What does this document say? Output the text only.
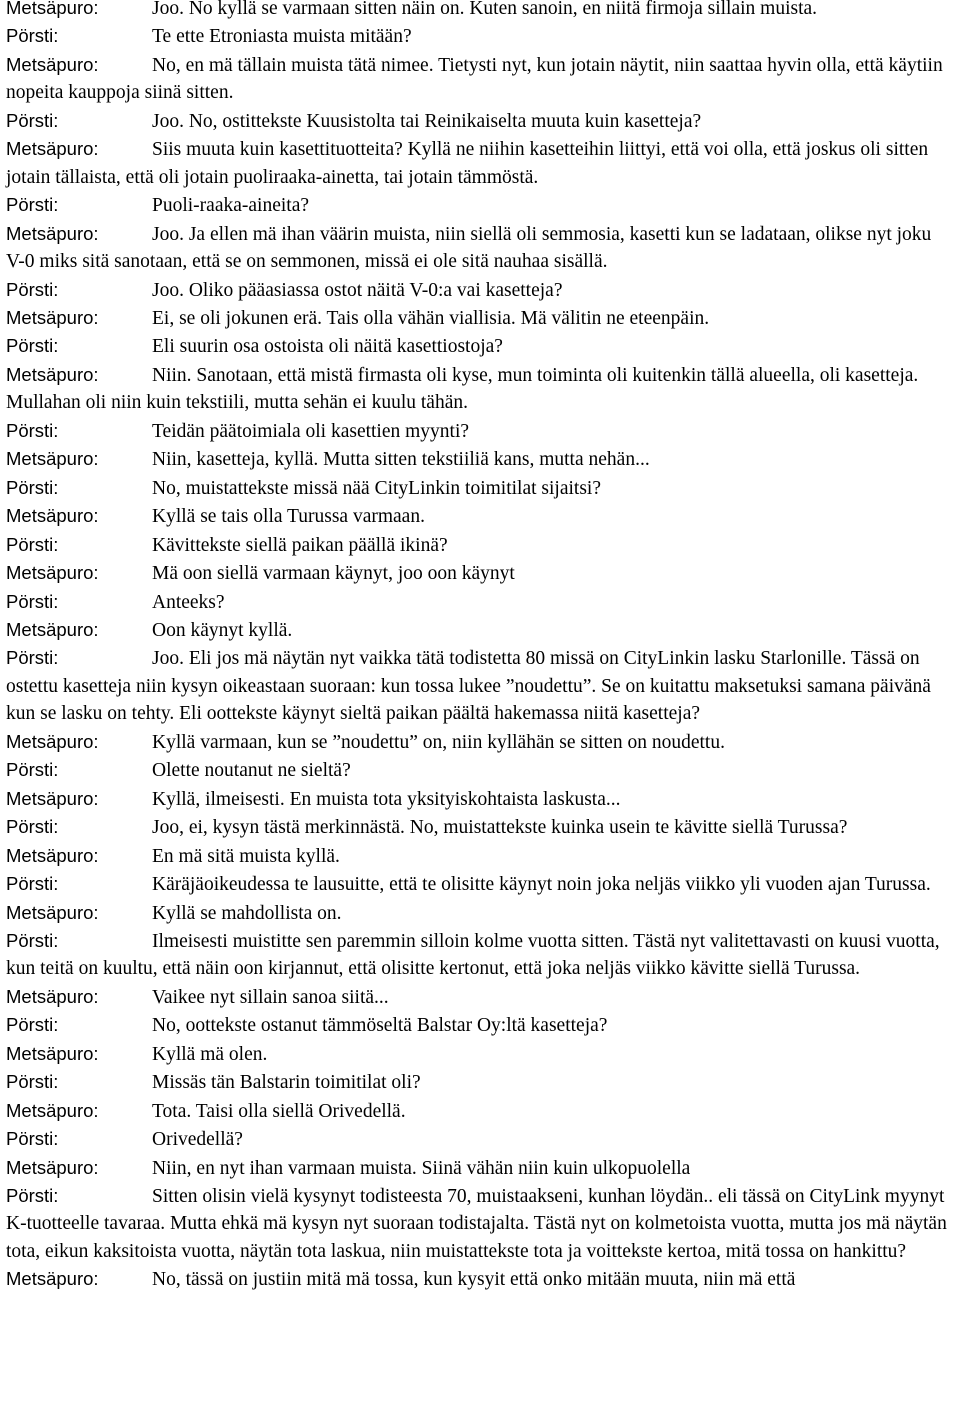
Metsäpuro:	Joo. No kyllä se varmaan sitten näin on. Kuten sanoin, en niitä firmoja sillain muista.

Pörsti:	Te ette Etroniasta muista mitään?

Metsäpuro:	No, en mä tällain muista tätä nimee. Tietysti nyt, kun jotain näytit, niin saattaa hyvin olla, että käytiin nopeita kauppoja siinä sitten.

Pörsti:	Joo. No, ostittekste Kuusistolta tai Reinikaiselta muuta kuin kasetteja?

Metsäpuro:	Siis muuta kuin kasettituotteita? Kyllä ne niihin kasetteihin liittyi, että voi olla, että joskus oli sitten jotain tällaista, että oli jotain puoliraaka-ainetta, tai jotain tämmöstä.

Pörsti:	Puoli-raaka-aineita?

Metsäpuro:	Joo. Ja ellen mä ihan väärin muista, niin siellä oli semmosia, kasetti kun se ladataan, olikse nyt joku V-0 miks sitä sanotaan, että se on semmonen, missä ei ole sitä nauhaa sisällä.

Pörsti:	Joo. Oliko pääasiassa ostot näitä V-0:a vai kasetteja?

Metsäpuro:	Ei, se oli jokunen erä. Tais olla vähän viallisia. Mä välitin ne eteenpäin.

Pörsti:	Eli suurin osa ostoista oli näitä kasettiostoja?

Metsäpuro:	Niin. Sanotaan, että mistä firmasta oli kyse, mun toiminta oli kuitenkin tällä alueella, oli kasetteja. Mullahan oli niin kuin tekstiili, mutta sehän ei kuulu tähän.

Pörsti:	Teidän päätoimiala oli kasettien myynti?

Metsäpuro:	Niin, kasetteja, kyllä. Mutta sitten tekstiiliä kans, mutta nehän...

Pörsti:	No, muistattekste missä nää CityLinkin toimitilat sijaitsi?

Metsäpuro:	Kyllä se tais olla Turussa varmaan.

Pörsti:	Kävittekste siellä paikan päällä ikinä?

Metsäpuro:	Mä oon siellä varmaan käynyt, joo oon käynyt

Pörsti:	Anteeks?

Metsäpuro:	Oon käynyt kyllä.

Pörsti:	Joo. Eli jos mä näytän nyt vaikka tätä todistetta 80 missä on CityLinkin lasku Starlonille. Tässä on ostettu kasetteja niin kysyn oikeastaan suoraan: kun tossa lukee ”noudettu”. Se on kuitattu maksetuksi samana päivänä kun se lasku on tehty. Eli oottekste käynyt sieltä paikan päältä hakemassa niitä kasetteja?

Metsäpuro:	Kyllä varmaan, kun se ”noudettu” on, niin kyllähän se sitten on noudettu.

Pörsti:	Olette noutanut ne sieltä?

Metsäpuro:	Kyllä, ilmeisesti. En muista tota yksityiskohtaista laskusta...

Pörsti:	Joo, ei, kysyn tästä merkinnästä. No, muistattekste kuinka usein te kävitte siellä Turussa?

Metsäpuro:	En mä sitä muista kyllä.

Pörsti:	Käräjäoikeudessa te lausuitte, että te olisitte käynyt noin joka neljäs viikko yli vuoden ajan Turussa.

Metsäpuro:	Kyllä se mahdollista on.

Pörsti:	Ilmeisesti muistitte sen paremmin silloin kolme vuotta sitten. Tästä nyt valitettavasti on kuusi vuotta, kun teitä on kuultu, että näin oon kirjannut, että olisitte kertonut, että joka neljäs viikko kävitte siellä Turussa.

Metsäpuro:	Vaikee nyt sillain sanoa siitä...

Pörsti:	No, oottekste ostanut tämmöseltä Balstar Oy:ltä kasetteja?

Metsäpuro:	Kyllä mä olen.

Pörsti:	Missäs tän Balstarin toimitilat oli?

Metsäpuro:	Tota. Taisi olla siellä Orivedellä.

Pörsti:	Orivedellä?

Metsäpuro:	Niin, en nyt ihan varmaan muista. Siinä vähän niin kuin ulkopuolella

Pörsti:	Sitten olisin vielä kysynyt todisteesta 70, muistaakseni, kunhan löydän.. eli tässä on CityLink myynyt K-tuotteelle tavaraa. Mutta ehkä mä kysyn nyt suoraan todistajalta. Tästä nyt on kolmetoista vuotta, mutta jos mä näytän tota, eikun kaksitoista vuotta, näytän tota laskua, niin muistattekste tota ja voittekste kertoa, mitä tossa on hankittu?

Metsäpuro:	No, tässä on justiin mitä mä tossa, kun kysyit että onko mitään muuta, niin mä että
